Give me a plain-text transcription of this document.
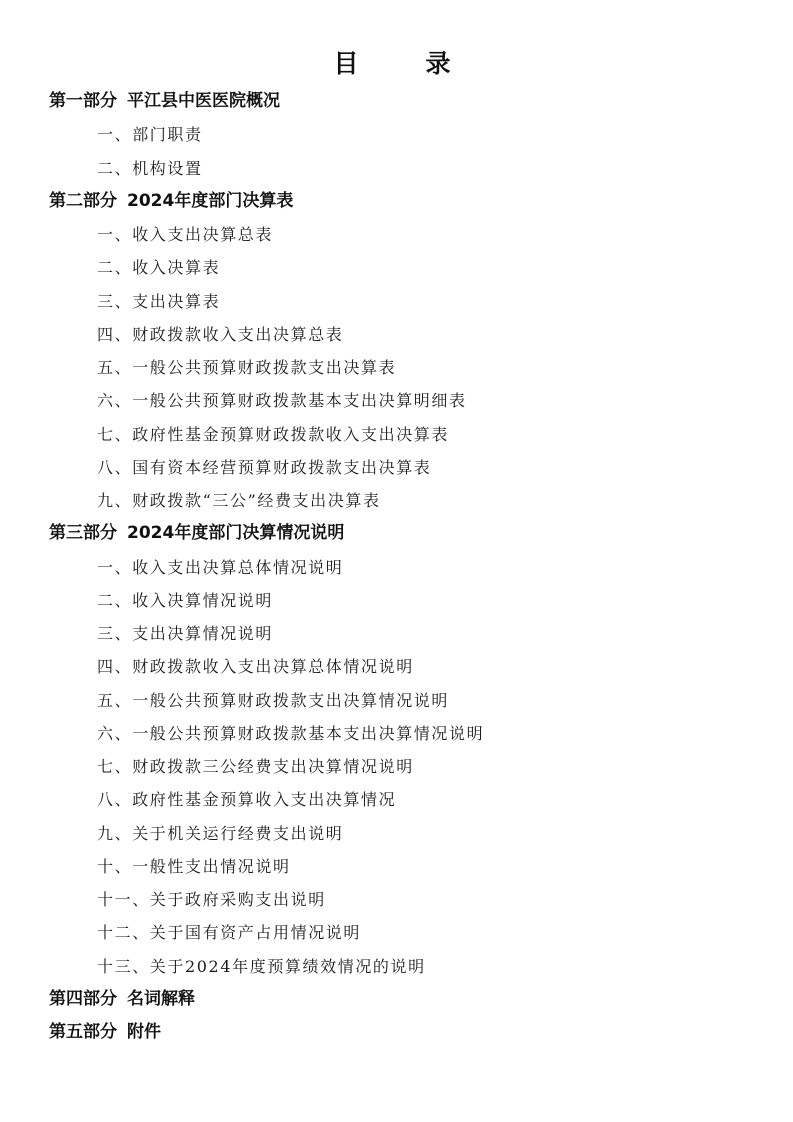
目　录
第一部分 平江县中医医院概况
一、部门职责
二、机构设置
第二部分 2024年度部门决算表
一、收入支出决算总表
二、收入决算表
三、支出决算表
四、财政拨款收入支出决算总表
五、一般公共预算财政拨款支出决算表
六、一般公共预算财政拨款基本支出决算明细表
七、政府性基金预算财政拨款收入支出决算表
八、国有资本经营预算财政拨款支出决算表
九、财政拨款“三公”经费支出决算表
第三部分 2024年度部门决算情况说明
一、收入支出决算总体情况说明
二、收入决算情况说明
三、支出决算情况说明
四、财政拨款收入支出决算总体情况说明
五、一般公共预算财政拨款支出决算情况说明
六、一般公共预算财政拨款基本支出决算情况说明
七、财政拨款三公经费支出决算情况说明
八、政府性基金预算收入支出决算情况
九、关于机关运行经费支出说明
十、一般性支出情况说明
十一、关于政府采购支出说明
十二、关于国有资产占用情况说明
十三、关于2024年度预算绩效情况的说明
第四部分 名词解释
第五部分 附件
